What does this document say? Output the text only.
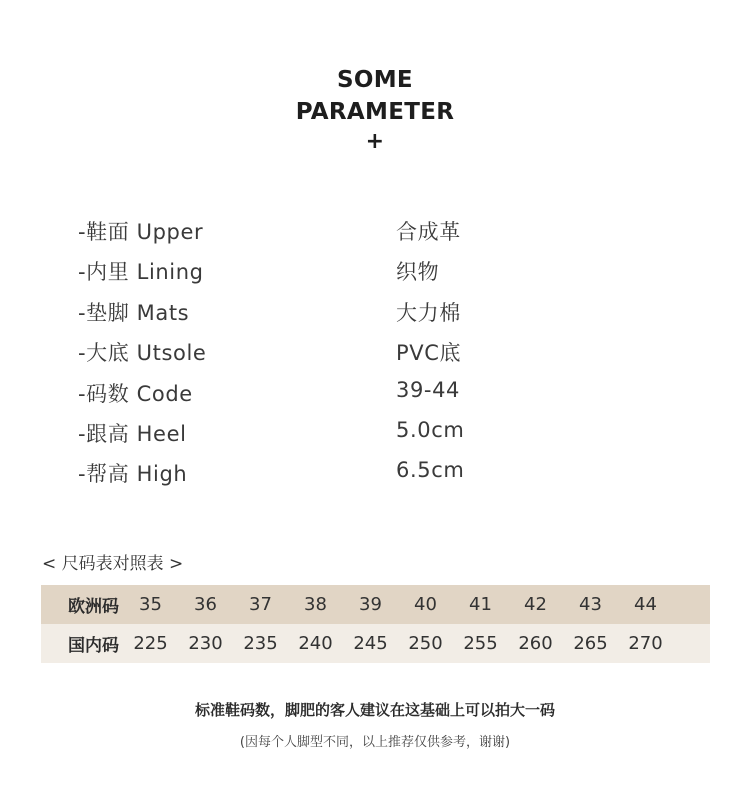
SOME
PARAMETER
+
-鞋面 Upper	合成革
-内里 Lining	织物
-垫脚 Mats	大力棉
-大底 Utsole	PVC底
-码数 Code	39-44
-跟高 Heel	5.0cm
-帮高 High	6.5cm
< 尺码表对照表 >
欧洲码	35	36	37	38	39	40	41	42	43	44
国内码 225	230	235	240	245	250	255	260	265	270
标准鞋码数，脚肥的客人建议在这基础上可以拍大一码
(因每个人脚型不同，以上推荐仅供参考，谢谢)
